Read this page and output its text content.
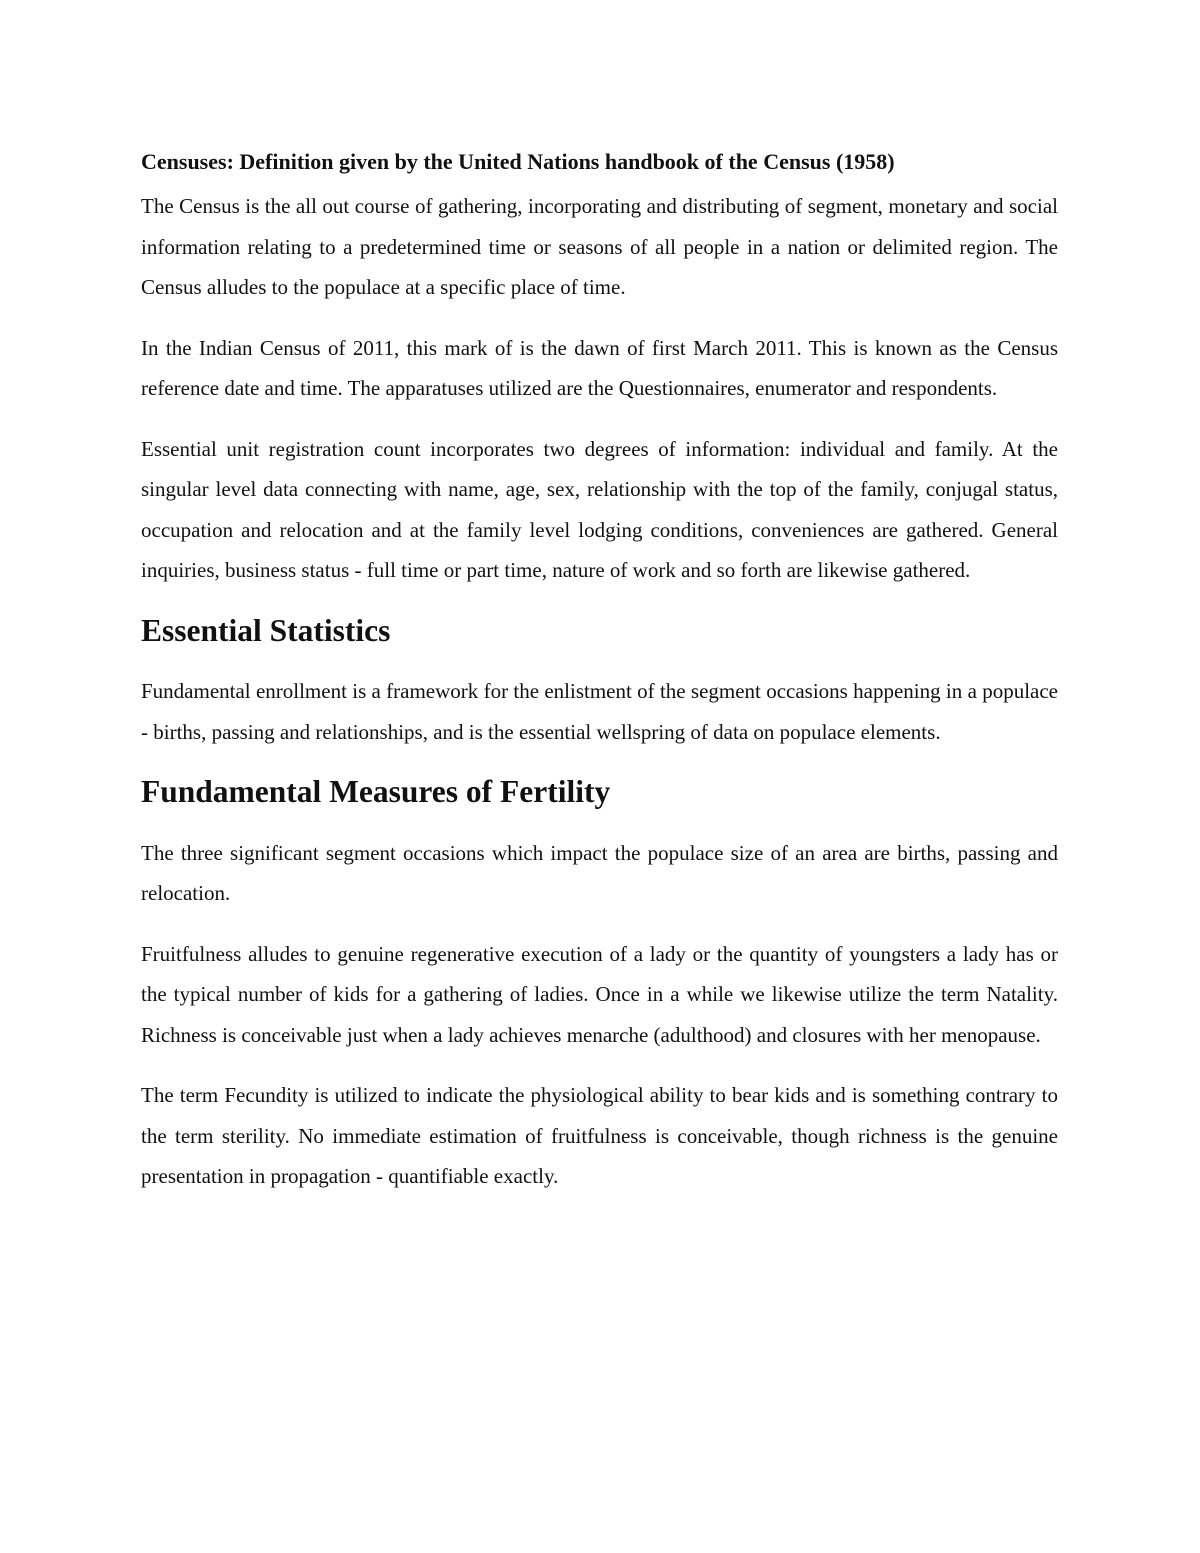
Censuses: Definition given by the United Nations handbook of the Census (1958)

The Census is the all out course of gathering, incorporating and distributing of segment, monetary and social information relating to a predetermined time or seasons of all people in a nation or delimited region. The Census alludes to the populace at a specific place of time.

In the Indian Census of 2011, this mark of is the dawn of first March 2011. This is known as the Census reference date and time. The apparatuses utilized are the Questionnaires, enumerator and respondents.

Essential unit registration count incorporates two degrees of information: individual and family. At the singular level data connecting with name, age, sex, relationship with the top of the family, conjugal status, occupation and relocation and at the family level lodging conditions, conveniences are gathered. General inquiries, business status - full time or part time, nature of work and so forth are likewise gathered.

Essential Statistics

Fundamental enrollment is a framework for the enlistment of the segment occasions happening in a populace - births, passing and relationships, and is the essential wellspring of data on populace elements.

Fundamental Measures of Fertility

The three significant segment occasions which impact the populace size of an area are births, passing and relocation.

Fruitfulness alludes to genuine regenerative execution of a lady or the quantity of youngsters a lady has or the typical number of kids for a gathering of ladies. Once in a while we likewise utilize the term Natality. Richness is conceivable just when a lady achieves menarche (adulthood) and closures with her menopause.

The term Fecundity is utilized to indicate the physiological ability to bear kids and is something contrary to the term sterility. No immediate estimation of fruitfulness is conceivable, though richness is the genuine presentation in propagation - quantifiable exactly.
